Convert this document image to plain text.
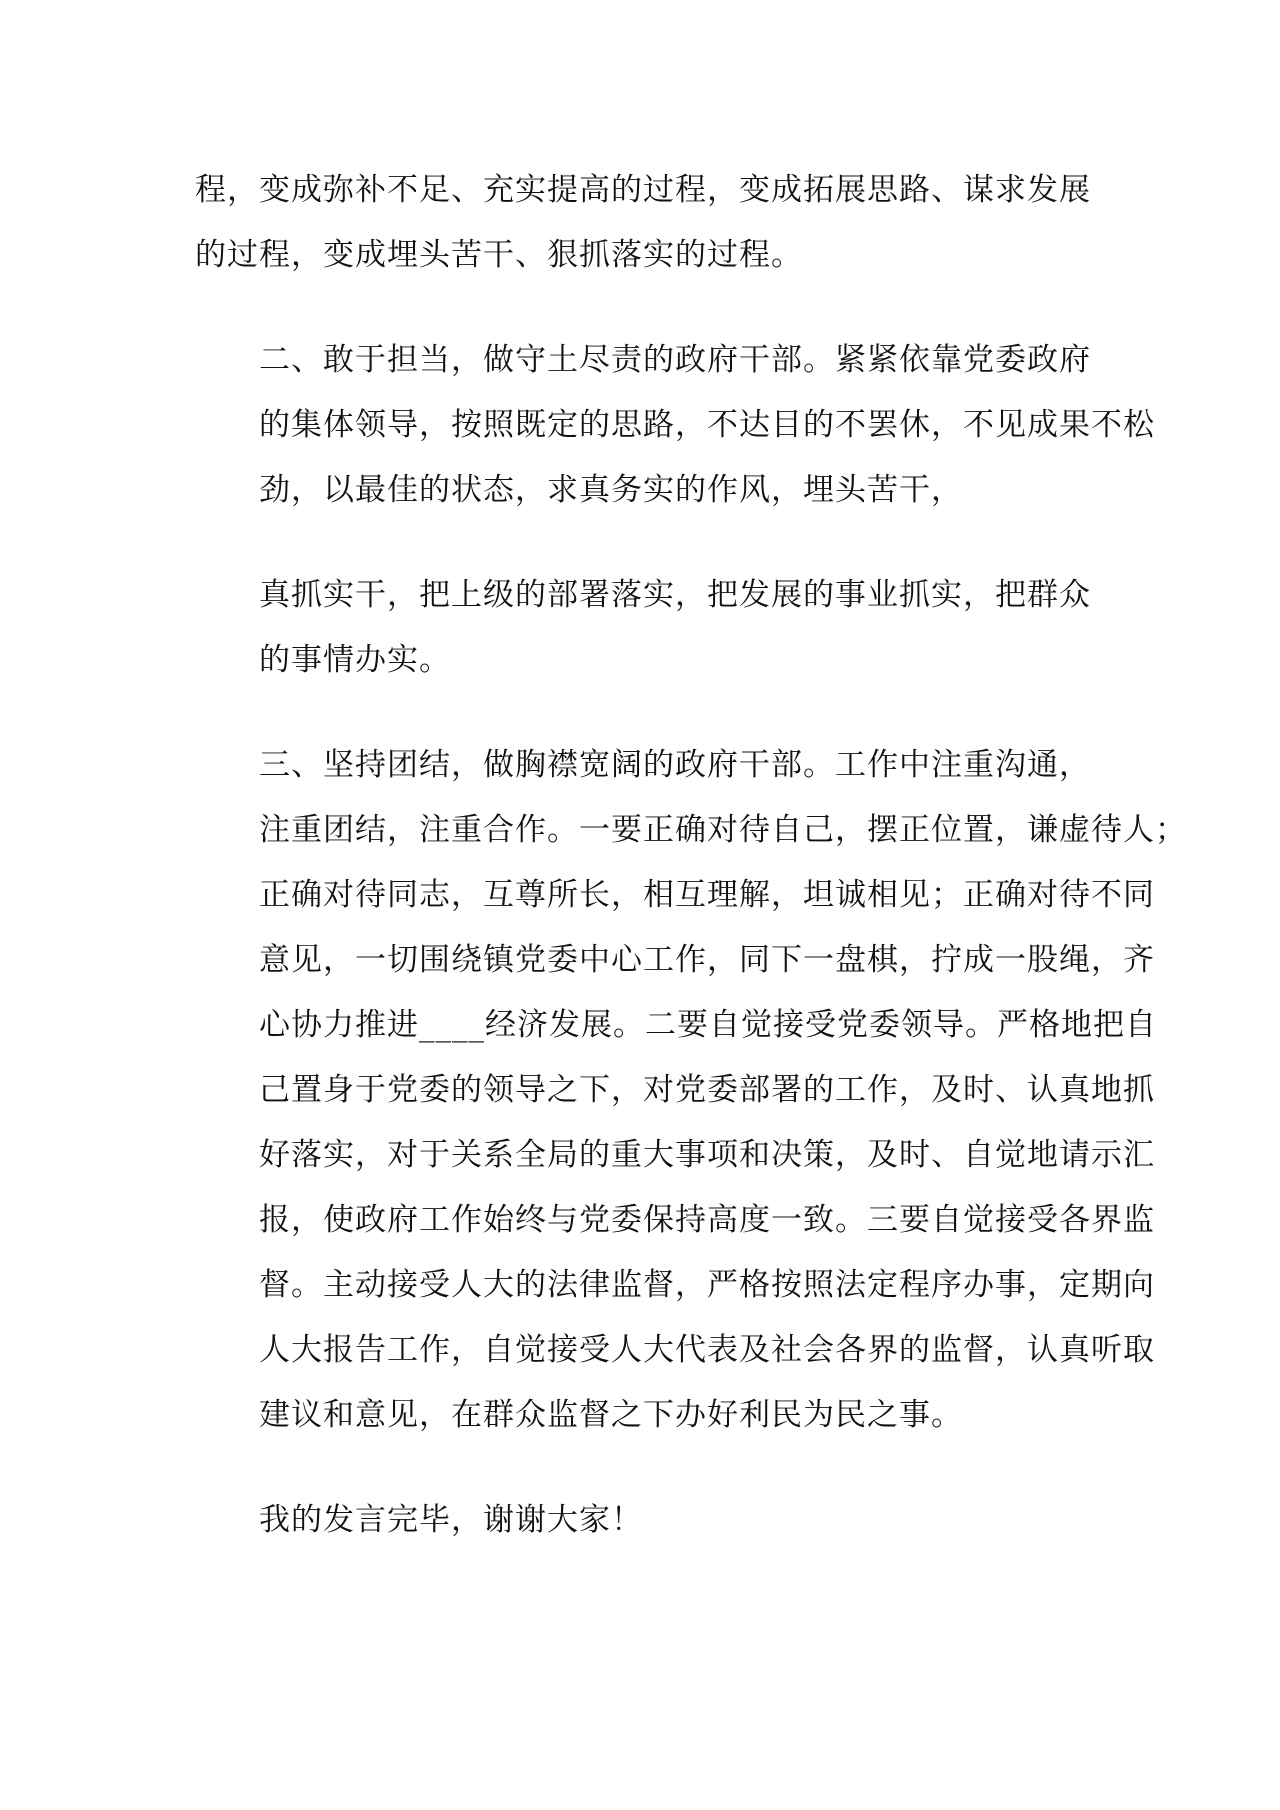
程，变成弥补不足、充实提高的过程，变成拓展思路、谋求发展
的过程，变成埋头苦干、狠抓落实的过程。

二、敢于担当，做守土尽责的政府干部。紧紧依靠党委政府
的集体领导，按照既定的思路，不达目的不罢休，不见成果不松
劲，以最佳的状态，求真务实的作风，埋头苦干，

真抓实干，把上级的部署落实，把发展的事业抓实，把群众
的事情办实。

三、坚持团结，做胸襟宽阔的政府干部。工作中注重沟通，
注重团结，注重合作。一要正确对待自己，摆正位置，谦虚待人；
正确对待同志，互尊所长，相互理解，坦诚相见；正确对待不同
意见，一切围绕镇党委中心工作，同下一盘棋，拧成一股绳，齐
心协力推进____经济发展。二要自觉接受党委领导。严格地把自
己置身于党委的领导之下，对党委部署的工作，及时、认真地抓
好落实，对于关系全局的重大事项和决策，及时、自觉地请示汇
报，使政府工作始终与党委保持高度一致。三要自觉接受各界监
督。主动接受人大的法律监督，严格按照法定程序办事，定期向
人大报告工作，自觉接受人大代表及社会各界的监督，认真听取
建议和意见，在群众监督之下办好利民为民之事。

我的发言完毕，谢谢大家！
